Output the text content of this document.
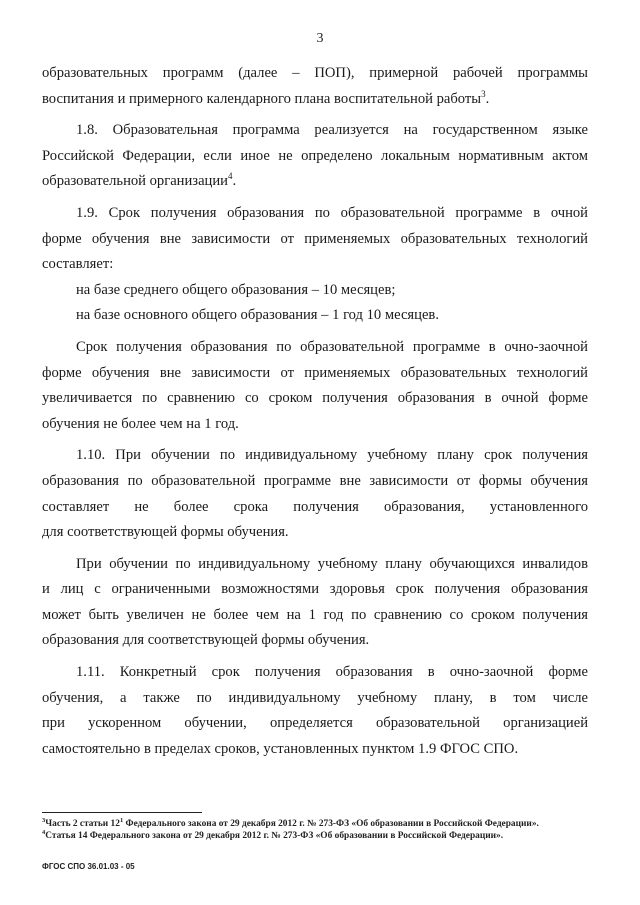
3
образовательных программ (далее – ПОП), примерной рабочей программы
воспитания и примерного календарного плана воспитательной работы$^3$.
1.8. Образовательная программа реализуется на государственном языке
Российской Федерации, если иное не определено локальным нормативным актом
образовательной организации$^4$.
1.9. Срок получения образования по образовательной программе в очной
форме обучения вне зависимости от применяемых образовательных технологий
составляет:
на базе среднего общего образования – 10 месяцев;
на базе основного общего образования – 1 год 10 месяцев.
Срок получения образования по образовательной программе в очно-заочной
форме обучения вне зависимости от применяемых образовательных технологий
увеличивается по сравнению со сроком получения образования в очной форме
обучения не более чем на 1 год.
1.10. При обучении по индивидуальному учебному плану срок получения
образования по образовательной программе вне зависимости от формы обучения
составляет не более срока получения образования, установленного
для соответствующей формы обучения.
При обучении по индивидуальному учебному плану обучающихся инвалидов
и лиц с ограниченными возможностями здоровья срок получения образования
может быть увеличен не более чем на 1 год по сравнению со сроком получения
образования для соответствующей формы обучения.
1.11. Конкретный срок получения образования в очно-заочной форме
обучения, а также по индивидуальному учебному плану, в том числе
при ускоренном обучении, определяется образовательной организацией
самостоятельно в пределах сроков, установленных пунктом 1.9 ФГОС СПО.
$^3$Часть 2 статьи $12^1$ Федерального закона от 29 декабря 2012 г. № 273-ФЗ «Об образовании в Российской Федерации».
$^4$Статья 14 Федерального закона от 29 декабря 2012 г. № 273-ФЗ «Об образовании в Российской Федерации».
ФГОС СПО 36.01.03 - 05
